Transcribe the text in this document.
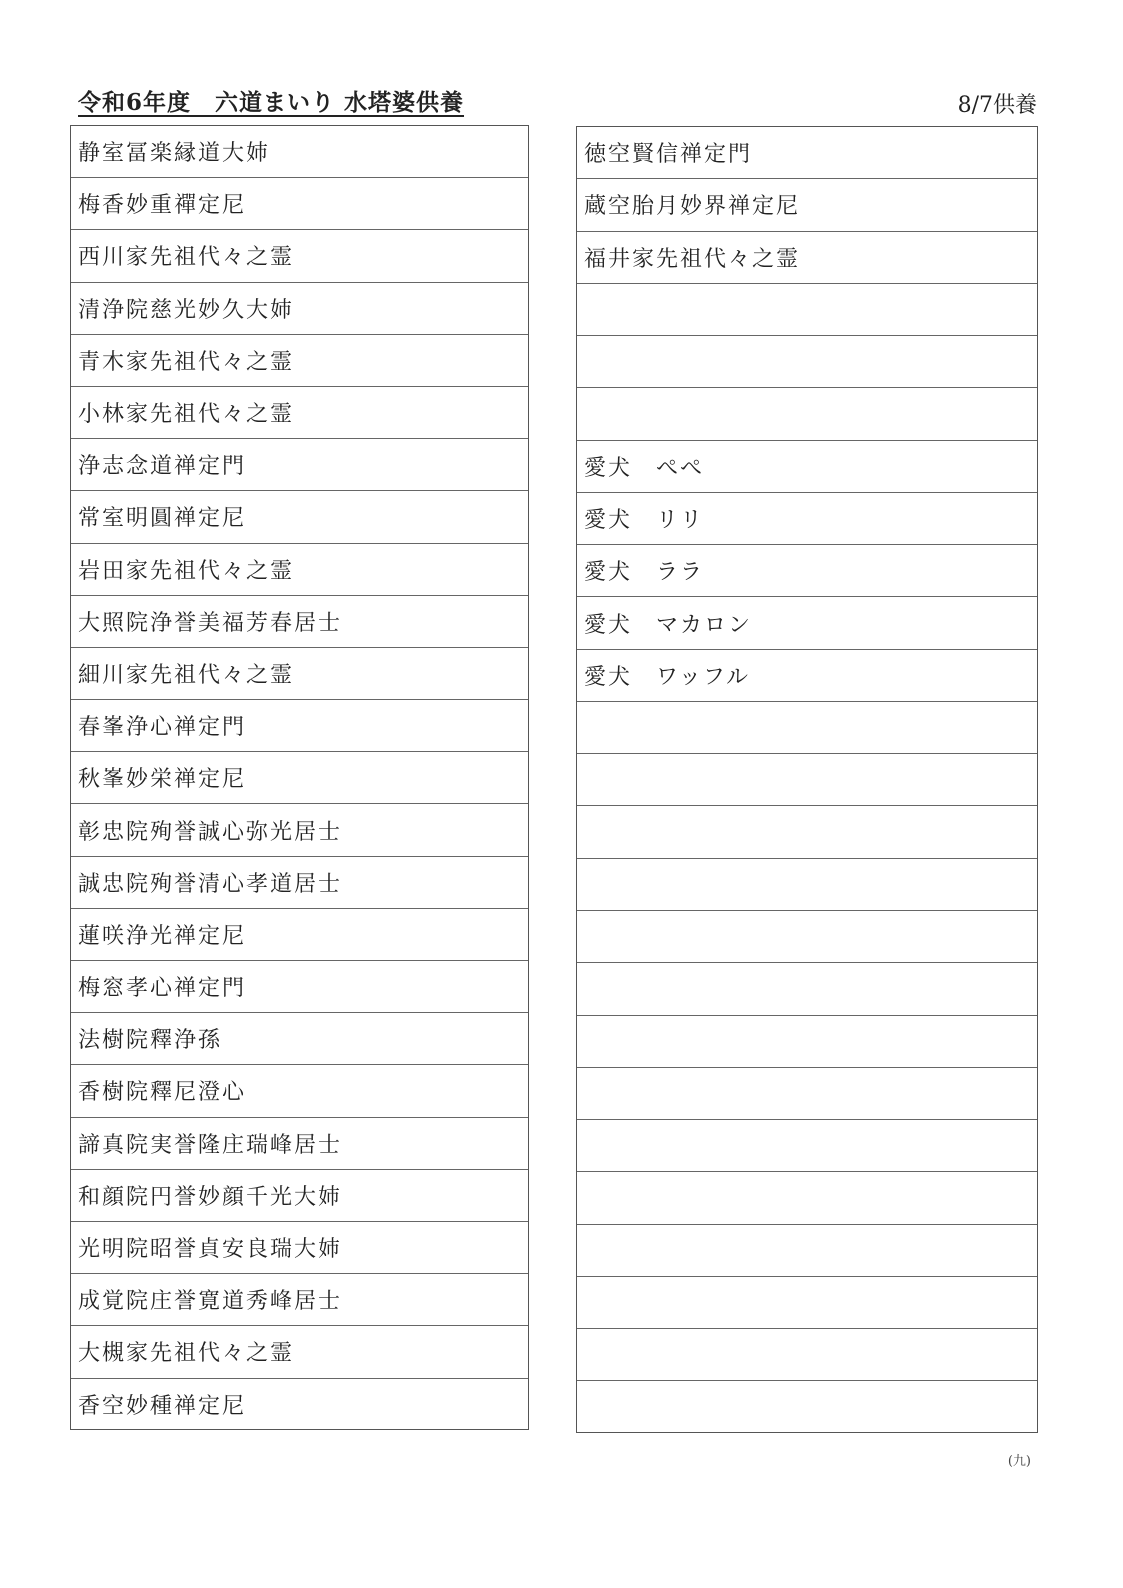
令和6年度　六道まいり 水塔婆供養	8/7供養
静室冨楽縁道大姉
梅香妙重禪定尼
西川家先祖代々之霊
清浄院慈光妙久大姉
青木家先祖代々之霊
小林家先祖代々之霊
浄志念道禅定門
常室明圓禅定尼
岩田家先祖代々之霊
大照院浄誉美福芳春居士
細川家先祖代々之霊
春峯浄心禅定門
秋峯妙栄禅定尼
彰忠院殉誉誠心弥光居士
誠忠院殉誉清心孝道居士
蓮咲浄光禅定尼
梅窓孝心禅定門
法樹院釋浄孫
香樹院釋尼澄心
諦真院実誉隆庄瑞峰居士
和顔院円誉妙顔千光大姉
光明院昭誉貞安良瑞大姉
成覚院庄誉寛道秀峰居士
大槻家先祖代々之霊
香空妙種禅定尼
徳空賢信禅定門
蔵空胎月妙界禅定尼
福井家先祖代々之霊
愛犬　ぺぺ
愛犬　リリ
愛犬　ララ
愛犬　マカロン
愛犬　ワッフル
(九)
